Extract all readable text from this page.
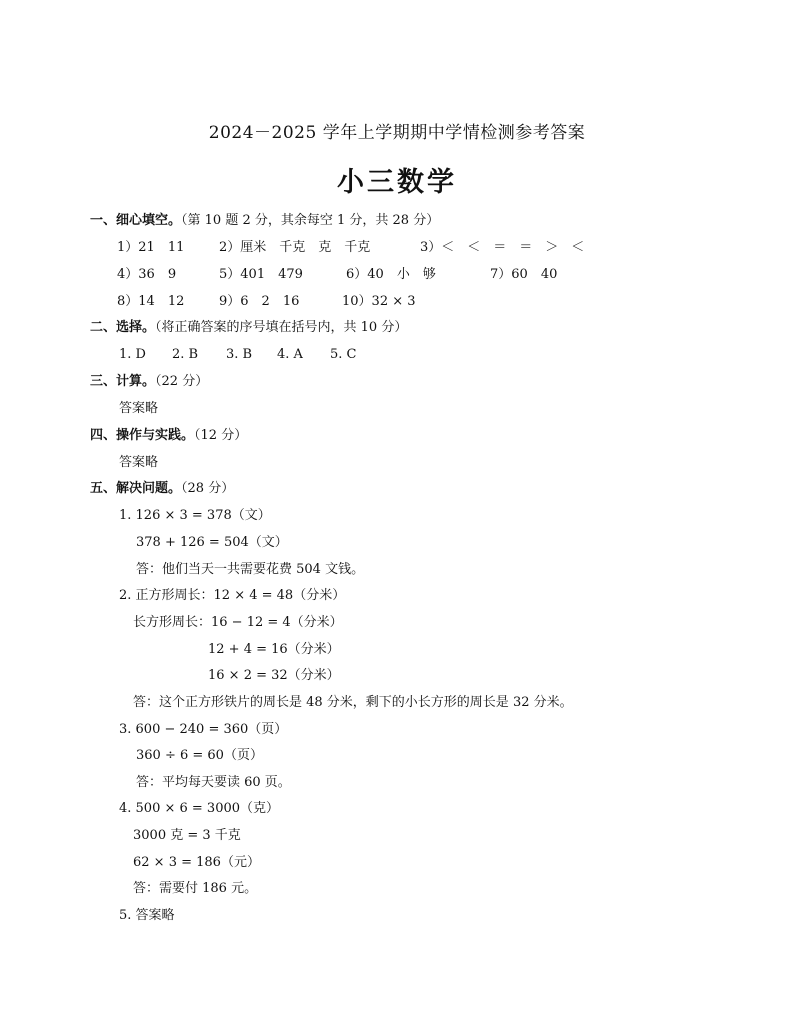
2024－2025 学年上学期期中学情检测参考答案
小三数学
一、细心填空。（第 10 题 2 分，其余每空 1 分，共 28 分）
1）21　11	2）厘米　千克　克　千克	3）＜　＜　＝　＝　＞　＜
4）36　9	5）401　479	6）40　小　够	7）60　40
8）14　12	9）6　2　16	10）32 × 3
二、选择。（将正确答案的序号填在括号内，共 10 分）
1. D 2. B 3. B 4. A 5. C
三、计算。（22 分）
答案略
四、操作与实践。（12 分）
答案略
五、解决问题。（28 分）
1. 126 × 3 = 378（文）
378 + 126 = 504（文）
答：他们当天一共需要花费 504 文钱。
2. 正方形周长：12 × 4 = 48（分米）
长方形周长：16 − 12 = 4（分米）
12 + 4 = 16（分米）
16 × 2 = 32（分米）
答：这个正方形铁片的周长是 48 分米，剩下的小长方形的周长是 32 分米。
3. 600 − 240 = 360（页）
360 ÷ 6 = 60（页）
答：平均每天要读 60 页。
4. 500 × 6 = 3000（克）
3000 克 = 3 千克
62 × 3 = 186（元）
答：需要付 186 元。
5. 答案略
